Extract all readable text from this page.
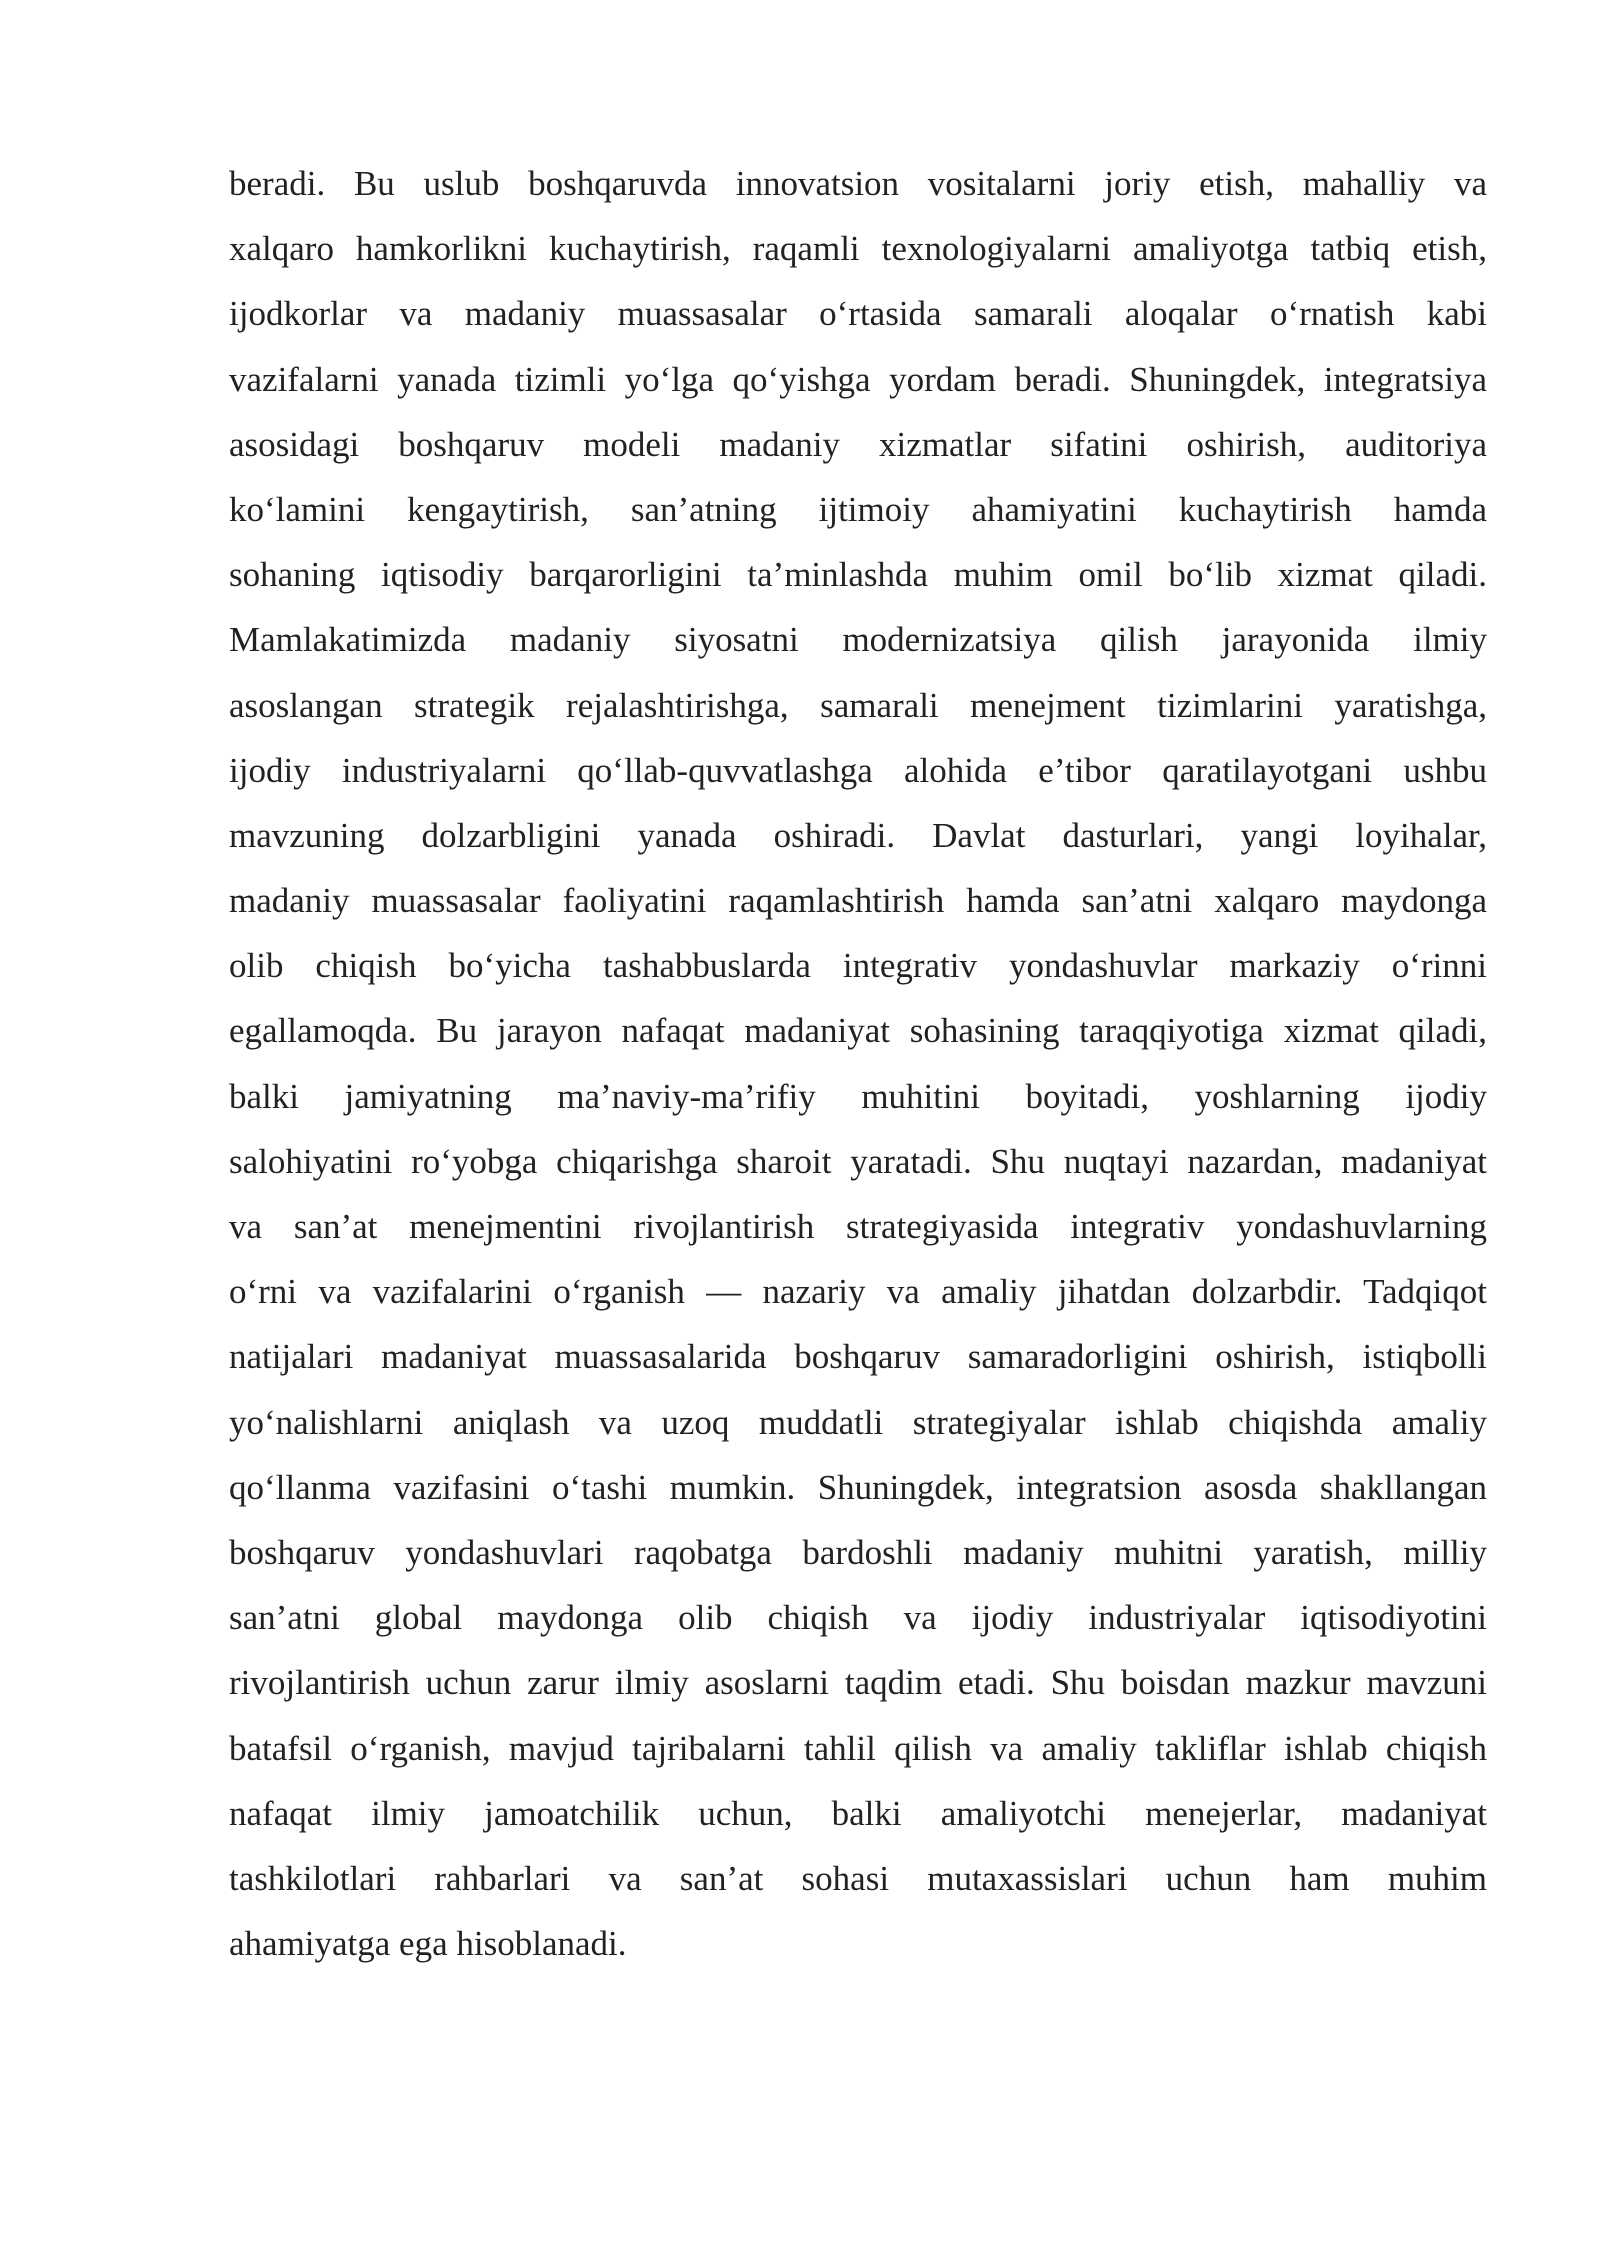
beradi. Bu uslub boshqaruvda innovatsion vositalarni joriy etish, mahalliy va
xalqaro hamkorlikni kuchaytirish, raqamli texnologiyalarni amaliyotga tatbiq etish,
ijodkorlar va madaniy muassasalar o‘rtasida samarali aloqalar o‘rnatish kabi
vazifalarni yanada tizimli yo‘lga qo‘yishga yordam beradi. Shuningdek, integratsiya
asosidagi boshqaruv modeli madaniy xizmatlar sifatini oshirish, auditoriya
ko‘lamini kengaytirish, san’atning ijtimoiy ahamiyatini kuchaytirish hamda
sohaning iqtisodiy barqarorligini ta’minlashda muhim omil bo‘lib xizmat qiladi.
Mamlakatimizda madaniy siyosatni modernizatsiya qilish jarayonida ilmiy
asoslangan strategik rejalashtirishga, samarali menejment tizimlarini yaratishga,
ijodiy industriyalarni qo‘llab-quvvatlashga alohida e’tibor qaratilayotgani ushbu
mavzuning dolzarbligini yanada oshiradi. Davlat dasturlari, yangi loyihalar,
madaniy muassasalar faoliyatini raqamlashtirish hamda san’atni xalqaro maydonga
olib chiqish bo‘yicha tashabbuslarda integrativ yondashuvlar markaziy o‘rinni
egallamoqda. Bu jarayon nafaqat madaniyat sohasining taraqqiyotiga xizmat qiladi,
balki jamiyatning ma’naviy-ma’rifiy muhitini boyitadi, yoshlarning ijodiy
salohiyatini ro‘yobga chiqarishga sharoit yaratadi. Shu nuqtayi nazardan, madaniyat
va san’at menejmentini rivojlantirish strategiyasida integrativ yondashuvlarning
o‘rni va vazifalarini o‘rganish — nazariy va amaliy jihatdan dolzarbdir. Tadqiqot
natijalari madaniyat muassasalarida boshqaruv samaradorligini oshirish, istiqbolli
yo‘nalishlarni aniqlash va uzoq muddatli strategiyalar ishlab chiqishda amaliy
qo‘llanma vazifasini o‘tashi mumkin. Shuningdek, integratsion asosda shakllangan
boshqaruv yondashuvlari raqobatga bardoshli madaniy muhitni yaratish, milliy
san’atni global maydonga olib chiqish va ijodiy industriyalar iqtisodiyotini
rivojlantirish uchun zarur ilmiy asoslarni taqdim etadi. Shu boisdan mazkur mavzuni
batafsil o‘rganish, mavjud tajribalarni tahlil qilish va amaliy takliflar ishlab chiqish
nafaqat ilmiy jamoatchilik uchun, balki amaliyotchi menejerlar, madaniyat
tashkilotlari rahbarlari va san’at sohasi mutaxassislari uchun ham muhim
ahamiyatga ega hisoblanadi.
